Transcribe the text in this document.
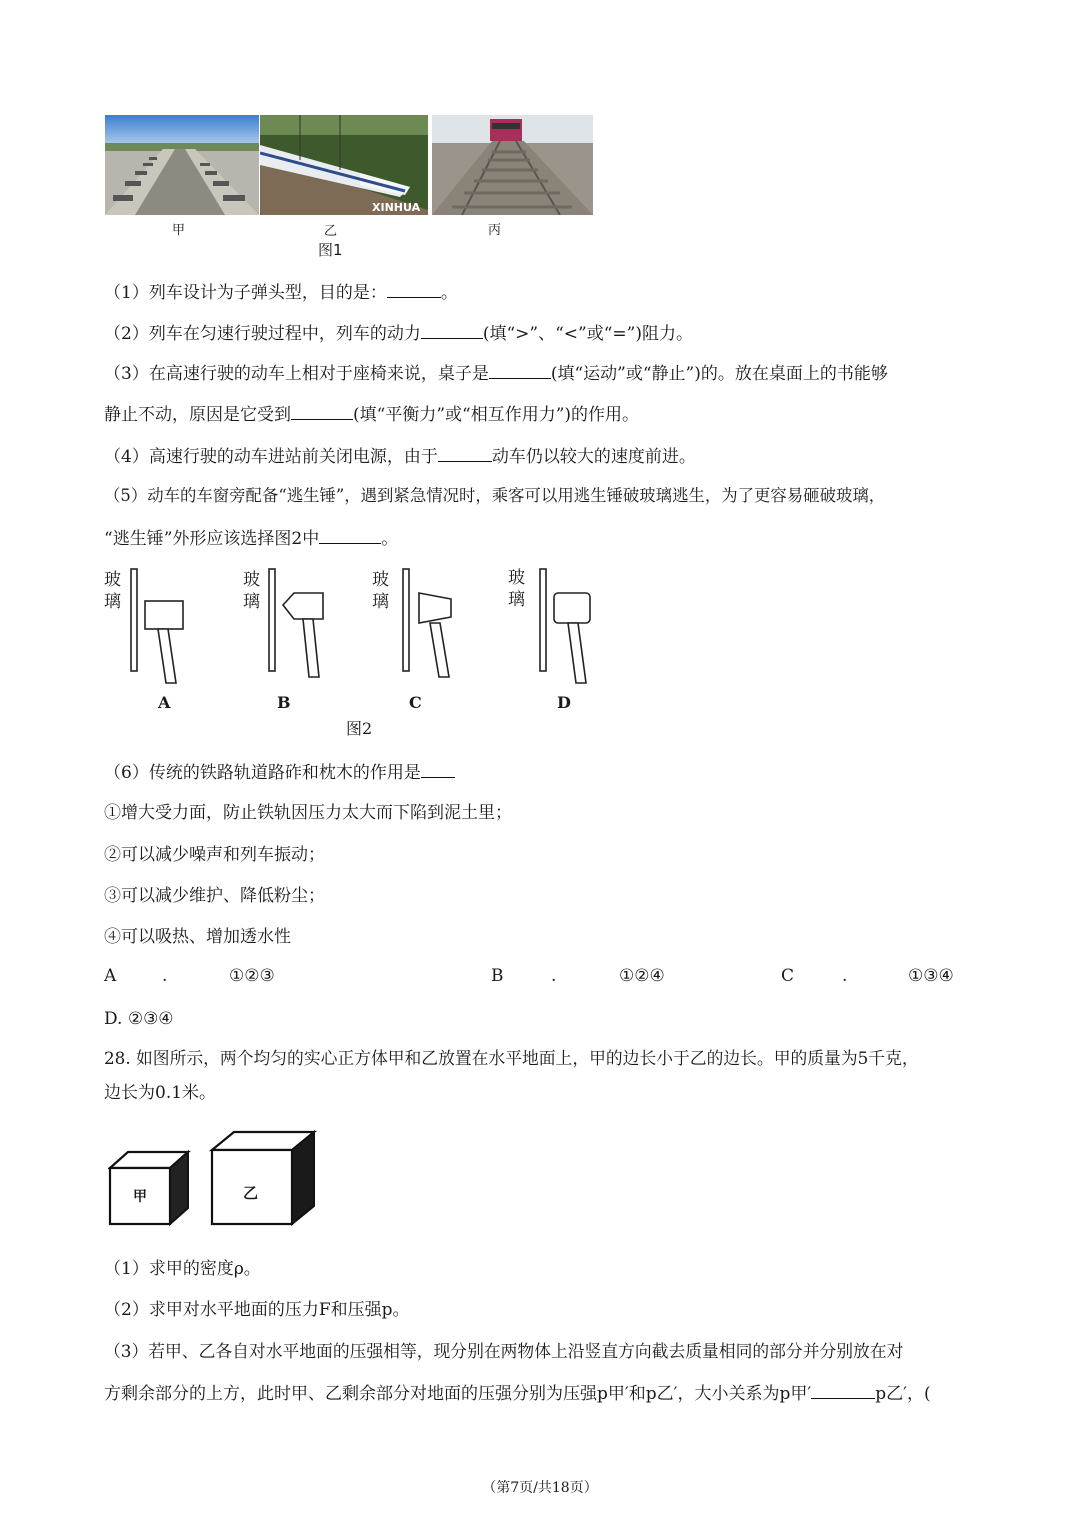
XINHUA
甲	乙	丙
图1
（1）列车设计为子弹头型，目的是：	。
（2）列车在匀速行驶过程中，列车的动力	(填“>”、“<”或“=”)阻力。
（3）在高速行驶的动车上相对于座椅来说，桌子是	(填“运动”或“静止”)的。放在桌面上的书能够
静止不动，原因是它受到	(填“平衡力”或“相互作用力”)的作用。
（4）高速行驶的动车进站前关闭电源，由于	动车仍以较大的速度前进。
（5）动车的车窗旁配备“逃生锤”，遇到紧急情况时，乘客可以用逃生锤破玻璃逃生，为了更容易砸破玻璃，
“逃生锤”外形应该选择图2中	。
玻
璃
玻
璃
玻
璃
玻
璃
A	B	C	D
图2
（6）传统的铁路轨道路砟和枕木的作用是
①增大受力面，防止铁轨因压力太大而下陷到泥土里；
②可以减少噪声和列车振动；
③可以减少维护、降低粉尘；
④可以吸热、增加透水性
A	.	①②③	B	.	①②④	C	.	①③④
D. ②③④
28. 如图所示，两个均匀的实心正方体甲和乙放置在水平地面上，甲的边长小于乙的边长。甲的质量为5千克，
边长为0.1米。
甲	乙
（1）求甲的密度ρ。
（2）求甲对水平地面的压力F和压强p。
（3）若甲、乙各自对水平地面的压强相等，现分别在两物体上沿竖直方向截去质量相同的部分并分别放在对
方剩余部分的上方，此时甲、乙剩余部分对地面的压强分别为压强p甲′和p乙′，大小关系为p甲′	p乙′，(
（第7页/共18页）
